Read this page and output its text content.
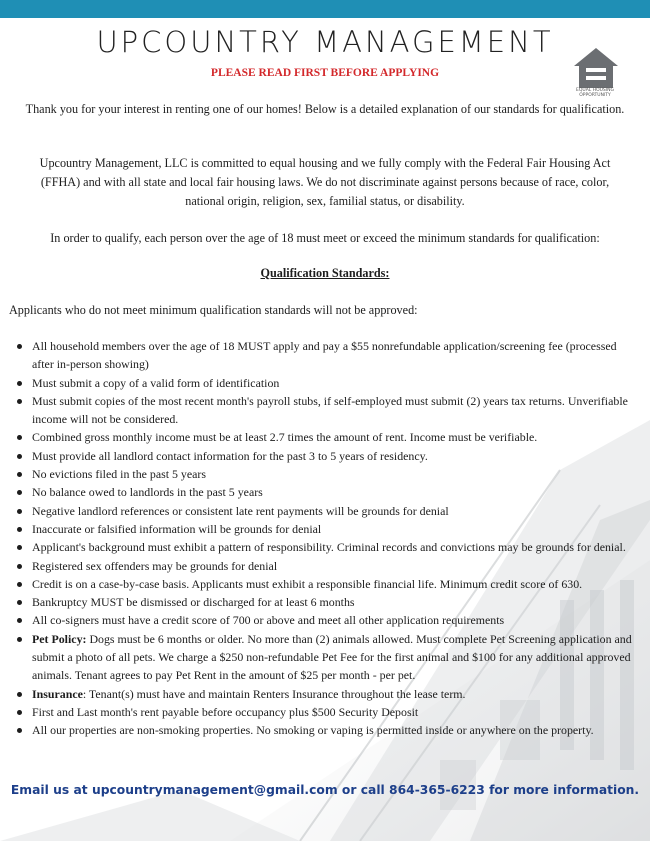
UPCOUNTRY MANAGEMENT

PLEASE READ FIRST BEFORE APPLYING

EQUAL HOUSING OPPORTUNITY

Thank you for your interest in renting one of our homes! Below is a detailed explanation of our standards for qualification.

Upcountry Management, LLC is committed to equal housing and we fully comply with the Federal Fair Housing Act (FFHA) and with all state and local fair housing laws. We do not discriminate against persons because of race, color, national origin, religion, sex, familial status, or disability.

In order to qualify, each person over the age of 18 must meet or exceed the minimum standards for qualification:

Qualification Standards:

Applicants who do not meet minimum qualification standards will not be approved:

All household members over the age of 18 MUST apply and pay a $55 nonrefundable application/screening fee (processed after in-person showing)
Must submit a copy of a valid form of identification
Must submit copies of the most recent month's payroll stubs, if self-employed must submit (2) years tax returns. Unverifiable income will not be considered.
Combined gross monthly income must be at least 2.7 times the amount of rent. Income must be verifiable.
Must provide all landlord contact information for the past 3 to 5 years of residency.
No evictions filed in the past 5 years
No balance owed to landlords in the past 5 years
Negative landlord references or consistent late rent payments will be grounds for denial
Inaccurate or falsified information will be grounds for denial
Applicant's background must exhibit a pattern of responsibility. Criminal records and convictions may be grounds for denial.
Registered sex offenders may be grounds for denial
Credit is on a case-by-case basis. Applicants must exhibit a responsible financial life. Minimum credit score of 630.
Bankruptcy MUST be dismissed or discharged for at least 6 months
All co-signers must have a credit score of 700 or above and meet all other application requirements
Pet Policy: Dogs must be 6 months or older. No more than (2) animals allowed. Must complete Pet Screening application and submit a photo of all pets. We charge a $250 non-refundable Pet Fee for the first animal and $100 for any additional approved animals. Tenant agrees to pay Pet Rent in the amount of $25 per month - per pet.
Insurance: Tenant(s) must have and maintain Renters Insurance throughout the lease term.
First and Last month's rent payable before occupancy plus $500 Security Deposit
All our properties are non-smoking properties. No smoking or vaping is permitted inside or anywhere on the property.

Email us at upcountrymanagement@gmail.com or call 864-365-6223 for more information.
